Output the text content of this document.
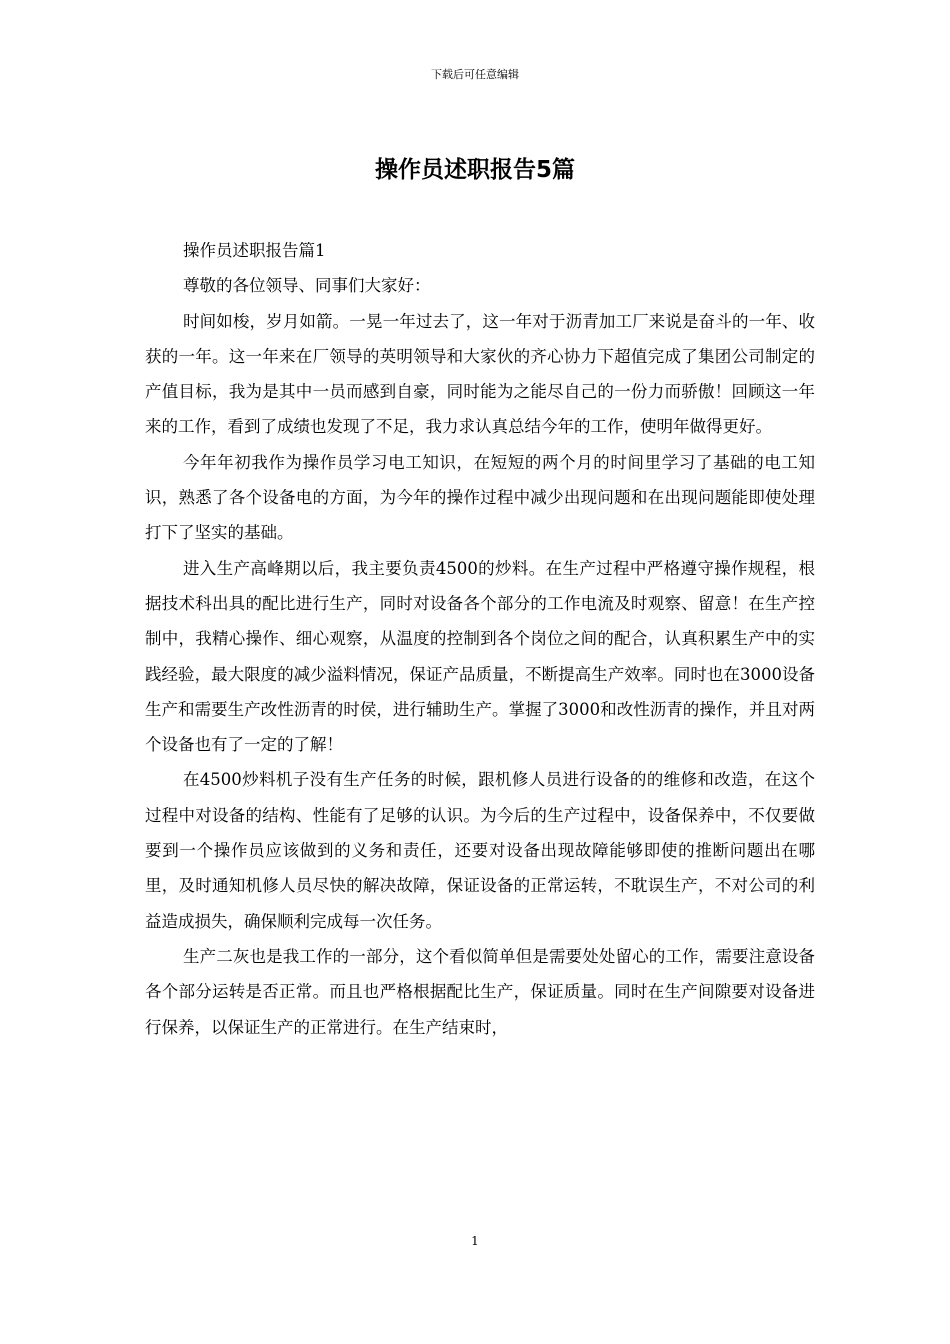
下载后可任意编辑
操作员述职报告5篇

操作员述职报告篇1

尊敬的各位领导、同事们大家好：

时间如梭，岁月如箭。一晃一年过去了，这一年对于沥青加工厂来说是奋斗的一年、收获的一年。这一年来在厂领导的英明领导和大家伙的齐心协力下超值完成了集团公司制定的产值目标，我为是其中一员而感到自豪，同时能为之能尽自己的一份力而骄傲！回顾这一年来的工作，看到了成绩也发现了不足，我力求认真总结今年的工作，使明年做得更好。

今年年初我作为操作员学习电工知识，在短短的两个月的时间里学习了基础的电工知识，熟悉了各个设备电的方面，为今年的操作过程中减少出现问题和在出现问题能即使处理打下了坚实的基础。

进入生产高峰期以后，我主要负责4500的炒料。在生产过程中严格遵守操作规程，根据技术科出具的配比进行生产，同时对设备各个部分的工作电流及时观察、留意！在生产控制中，我精心操作、细心观察，从温度的控制到各个岗位之间的配合，认真积累生产中的实践经验，最大限度的减少溢料情况，保证产品质量，不断提高生产效率。同时也在3000设备生产和需要生产改性沥青的时侯，进行辅助生产。掌握了3000和改性沥青的操作，并且对两个设备也有了一定的了解！

在4500炒料机子没有生产任务的时候，跟机修人员进行设备的的维修和改造，在这个过程中对设备的结构、性能有了足够的认识。为今后的生产过程中，设备保养中，不仅要做要到一个操作员应该做到的义务和责任，还要对设备出现故障能够即使的推断问题出在哪里，及时通知机修人员尽快的解决故障，保证设备的正常运转，不耽误生产，不对公司的利益造成损失，确保顺利完成每一次任务。

生产二灰也是我工作的一部分，这个看似简单但是需要处处留心的工作，需要注意设备各个部分运转是否正常。而且也严格根据配比生产，保证质量。同时在生产间隙要对设备进行保养，以保证生产的正常进行。在生产结束时，

1
